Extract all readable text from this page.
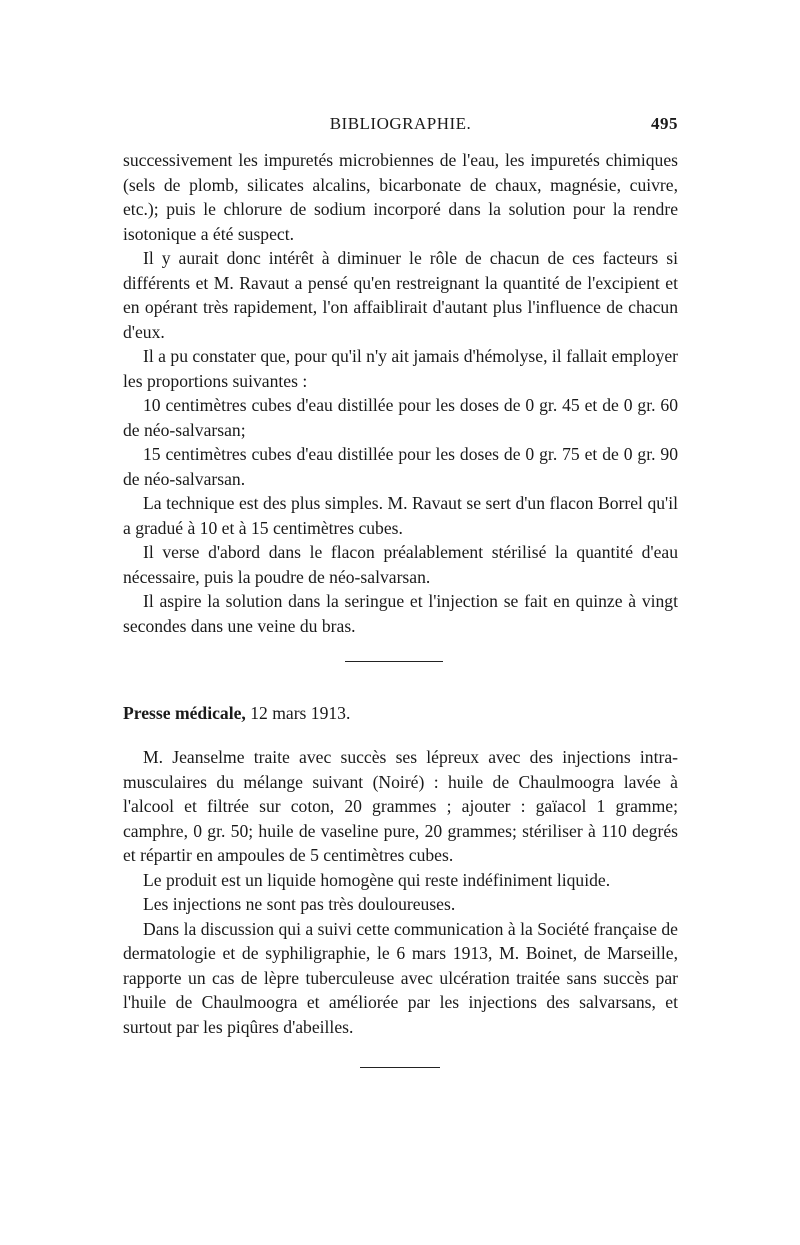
BIBLIOGRAPHIE.	495

successivement les impuretés microbiennes de l'eau, les impuretés chimiques (sels de plomb, silicates alcalins, bicarbonate de chaux, magnésie, cuivre, etc.); puis le chlorure de sodium incorporé dans la solution pour la rendre isotonique a été suspect.

Il y aurait donc intérêt à diminuer le rôle de chacun de ces facteurs si différents et M. Ravaut a pensé qu'en restreignant la quantité de l'excipient et en opérant très rapidement, l'on affaiblirait d'autant plus l'influence de chacun d'eux.

Il a pu constater que, pour qu'il n'y ait jamais d'hémolyse, il fallait employer les proportions suivantes :

10 centimètres cubes d'eau distillée pour les doses de 0 gr. 45 et de 0 gr. 60 de néo-salvarsan;

15 centimètres cubes d'eau distillée pour les doses de 0 gr. 75 et de 0 gr. 90 de néo-salvarsan.

La technique est des plus simples. M. Ravaut se sert d'un flacon Borrel qu'il a gradué à 10 et à 15 centimètres cubes.

Il verse d'abord dans le flacon préalablement stérilisé la quantité d'eau nécessaire, puis la poudre de néo-salvarsan.

Il aspire la solution dans la seringue et l'injection se fait en quinze à vingt secondes dans une veine du bras.

Presse médicale, 12 mars 1913.

M. Jeanselme traite avec succès ses lépreux avec des injections intra-musculaires du mélange suivant (Noiré) : huile de Chaulmoogra lavée à l'alcool et filtrée sur coton, 20 grammes ; ajouter : gaïacol 1 gramme; camphre, 0 gr. 50; huile de vaseline pure, 20 grammes; stériliser à 110 degrés et répartir en ampoules de 5 centimètres cubes.

Le produit est un liquide homogène qui reste indéfiniment liquide.

Les injections ne sont pas très douloureuses.

Dans la discussion qui a suivi cette communication à la Société française de dermatologie et de syphiligraphie, le 6 mars 1913, M. Boinet, de Marseille, rapporte un cas de lèpre tuberculeuse avec ulcération traitée sans succès par l'huile de Chaulmoogra et améliorée par les injections des salvarsans, et surtout par les piqûres d'abeilles.
